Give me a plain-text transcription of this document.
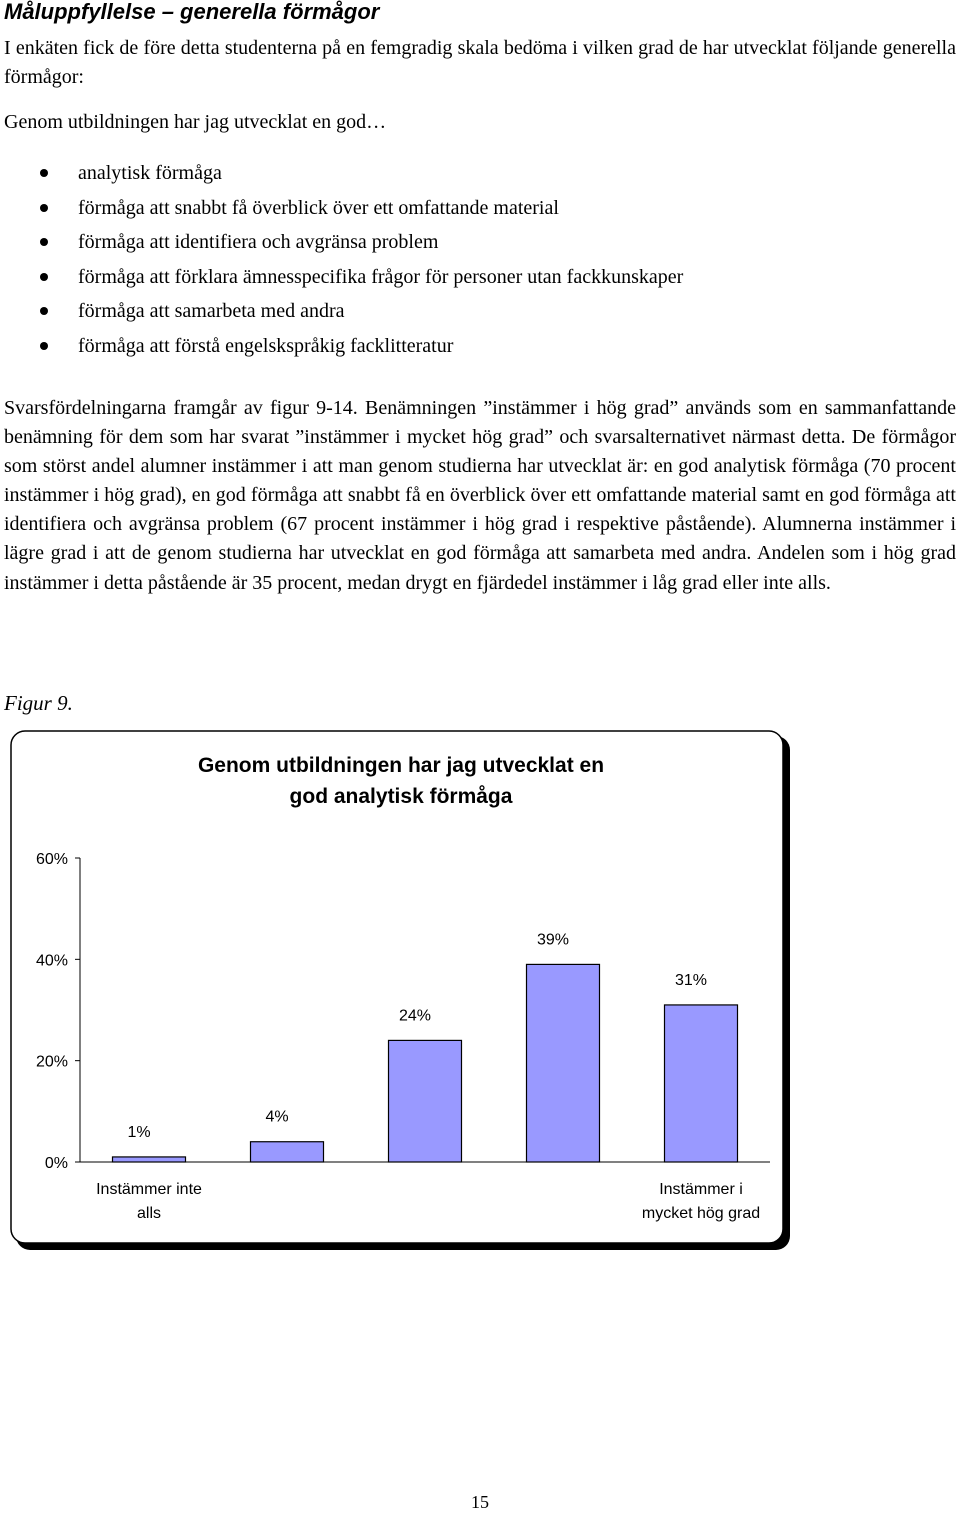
Måluppfyllelse – generella förmågor

I enkäten fick de före detta studenterna på en femgradig skala bedöma i vilken grad de har utvecklat följande generella förmågor:

Genom utbildningen har jag utvecklat en god…

analytisk förmåga
förmåga att snabbt få överblick över ett omfattande material
förmåga att identifiera och avgränsa problem
förmåga att förklara ämnesspecifika frågor för personer utan fackkunskaper
förmåga att samarbeta med andra
förmåga att förstå engelskspråkig facklitteratur

Svarsfördelningarna framgår av figur 9-14. Benämningen ”instämmer i hög grad” används som en sammanfattande benämning för dem som har svarat ”instämmer i mycket hög grad” och svarsalternativet närmast detta. De förmågor som störst andel alumner instämmer i att man genom studierna har utvecklat är: en god analytisk förmåga (70 procent instämmer i hög grad), en god förmåga att snabbt få en överblick över ett omfattande material samt en god förmåga att identifiera och avgränsa problem (67 procent instämmer i hög grad i respektive påstående). Alumnerna instämmer i lägre grad i att de genom studierna har utvecklat en god förmåga att samarbeta med andra. Andelen som i hög grad instämmer i detta påstående är 35 procent, medan drygt en fjärdedel instämmer i låg grad eller inte alls.

Figur 9.

Genom utbildningen har jag utvecklat en
god analytisk förmåga
0%
20%
40%
60%
1%
4%
24%
39%
31%
Instämmer inte
alls
Instämmer i
mycket hög grad
15
